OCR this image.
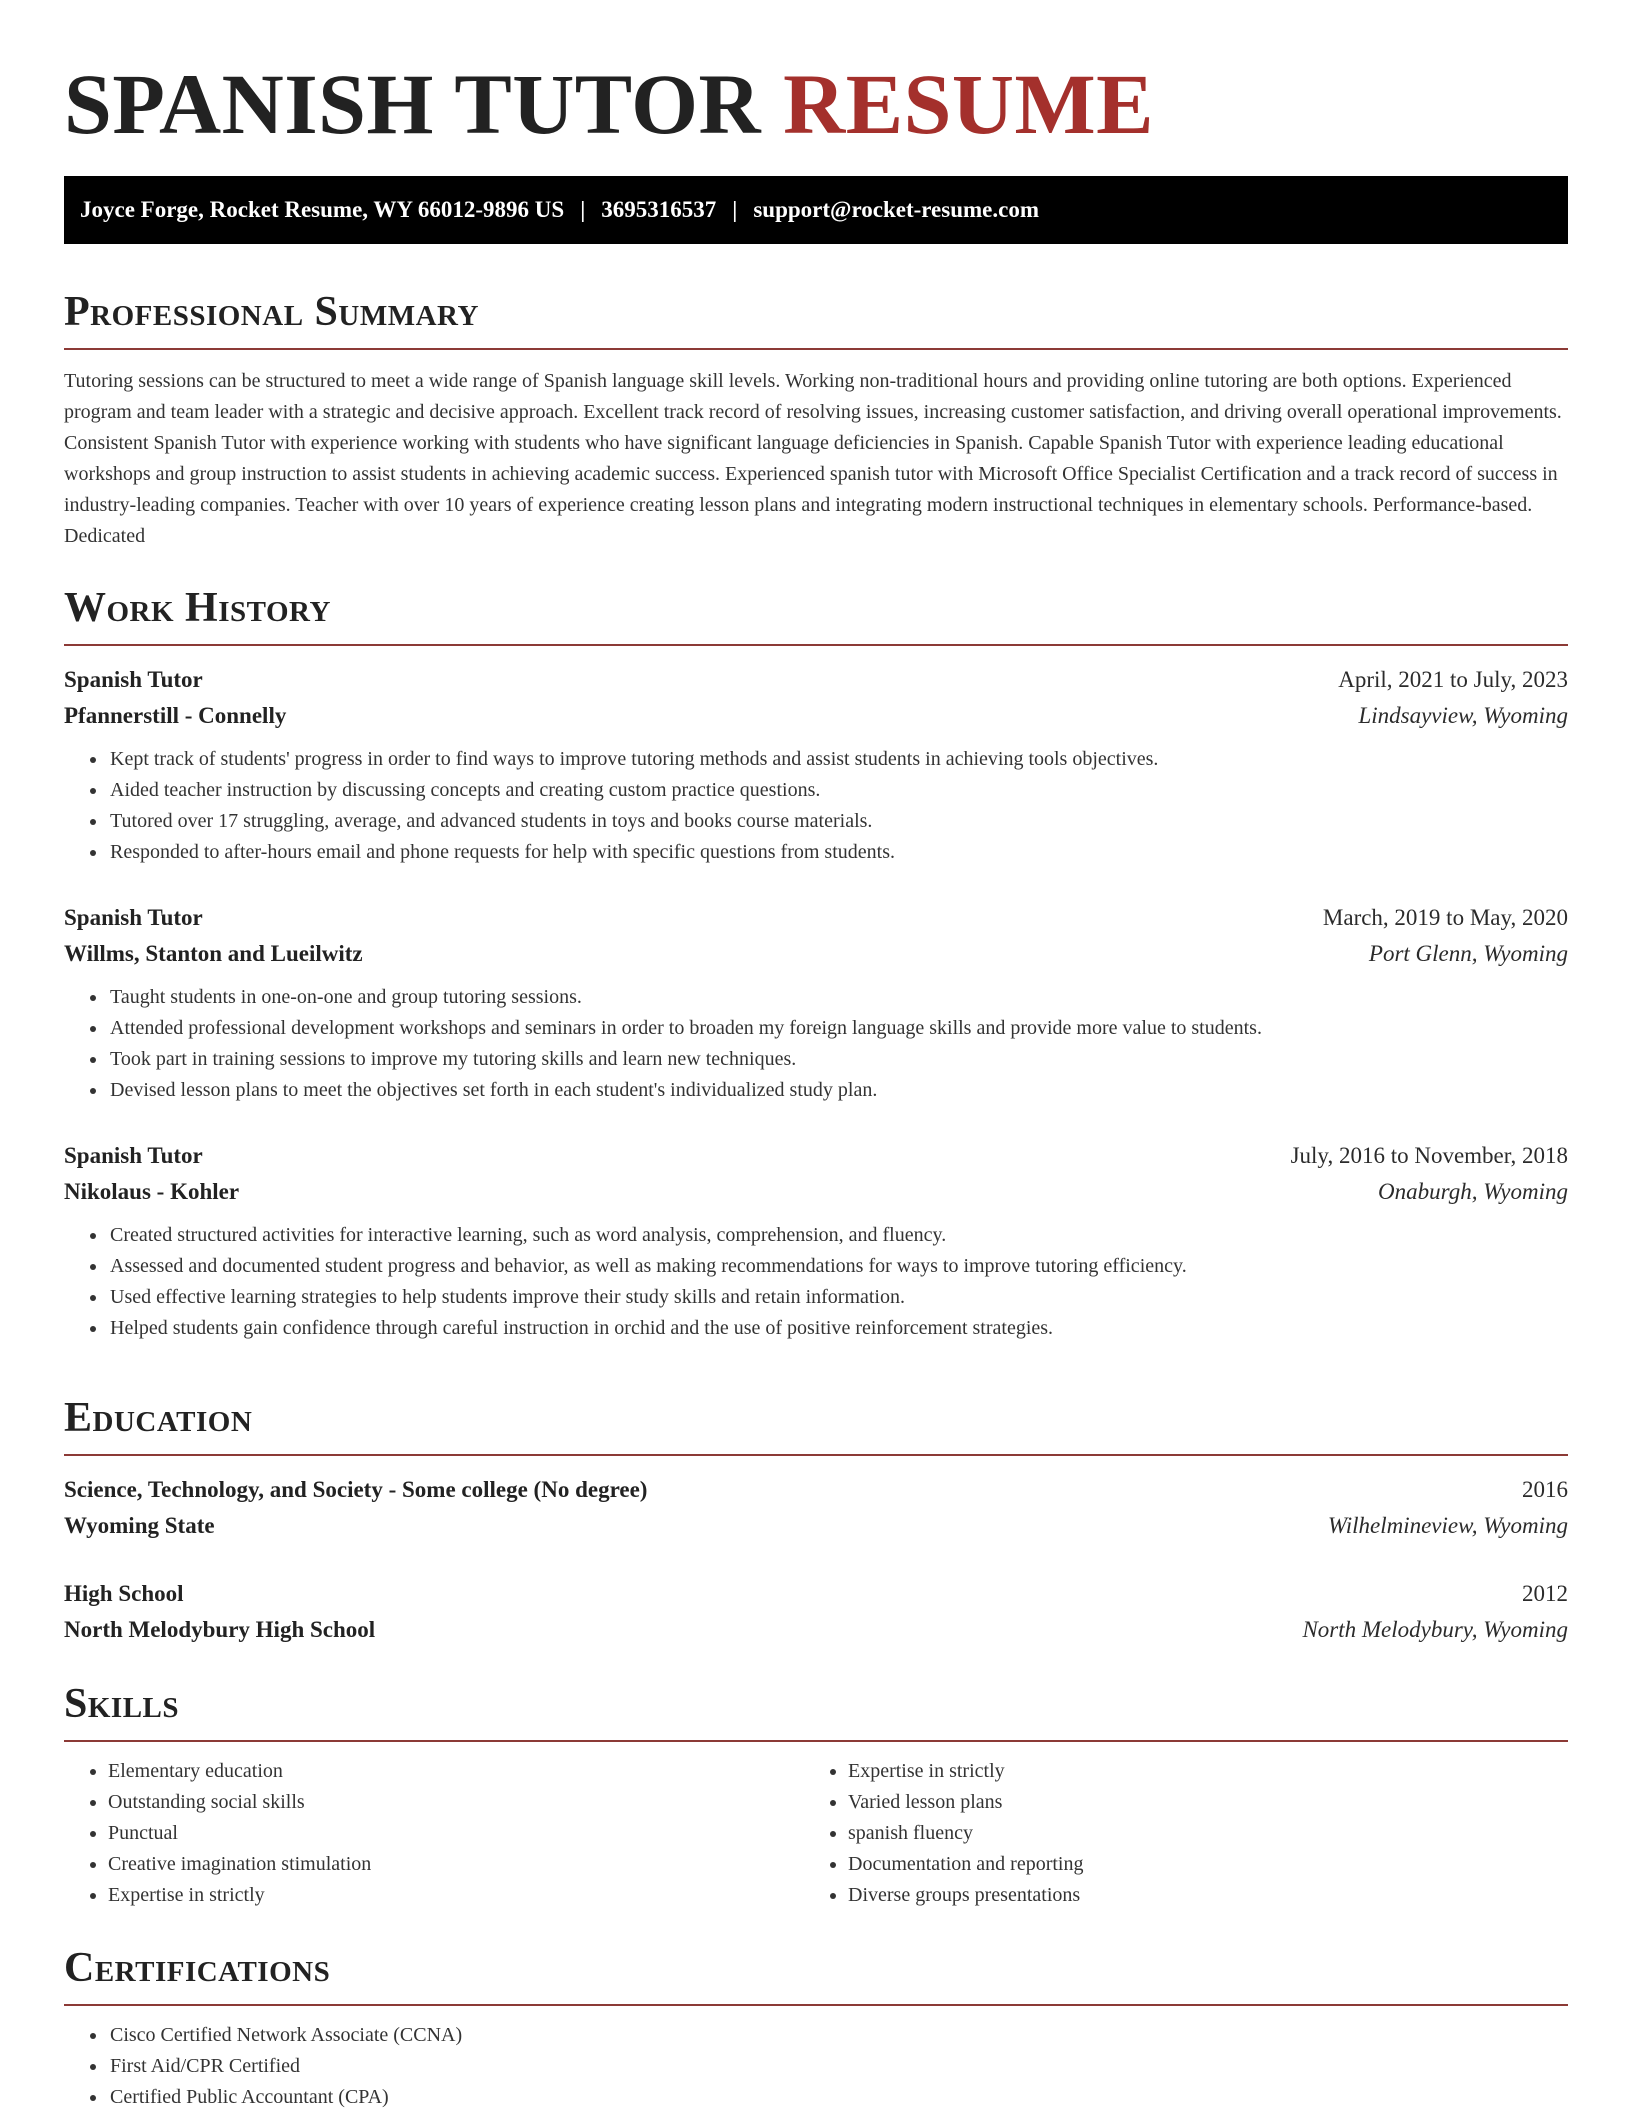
SPANISH TUTOR RESUME
Joyce Forge, Rocket Resume, WY 66012-9896 US | 3695316537 | support@rocket-resume.com
Professional Summary

Tutoring sessions can be structured to meet a wide range of Spanish language skill levels. Working non-traditional hours and providing online tutoring are both options. Experienced program and team leader with a strategic and decisive approach. Excellent track record of resolving issues, increasing customer satisfaction, and driving overall operational improvements. Consistent Spanish Tutor with experience working with students who have significant language deficiencies in Spanish. Capable Spanish Tutor with experience leading educational workshops and group instruction to assist students in achieving academic success. Experienced spanish tutor with Microsoft Office Specialist Certification and a track record of success in industry-leading companies. Teacher with over 10 years of experience creating lesson plans and integrating modern instructional techniques in elementary schools. Performance-based. Dedicated

Work History
Spanish Tutor	April, 2021 to July, 2023
Pfannerstill - Connelly	Lindsayview, Wyoming
• Kept track of students' progress in order to find ways to improve tutoring methods and assist students in achieving tools objectives.
• Aided teacher instruction by discussing concepts and creating custom practice questions.
• Tutored over 17 struggling, average, and advanced students in toys and books course materials.
• Responded to after-hours email and phone requests for help with specific questions from students.
Spanish Tutor	March, 2019 to May, 2020
Willms, Stanton and Lueilwitz	Port Glenn, Wyoming
• Taught students in one-on-one and group tutoring sessions.
• Attended professional development workshops and seminars in order to broaden my foreign language skills and provide more value to students.
• Took part in training sessions to improve my tutoring skills and learn new techniques.
• Devised lesson plans to meet the objectives set forth in each student's individualized study plan.
Spanish Tutor	July, 2016 to November, 2018
Nikolaus - Kohler	Onaburgh, Wyoming
• Created structured activities for interactive learning, such as word analysis, comprehension, and fluency.
• Assessed and documented student progress and behavior, as well as making recommendations for ways to improve tutoring efficiency.
• Used effective learning strategies to help students improve their study skills and retain information.
• Helped students gain confidence through careful instruction in orchid and the use of positive reinforcement strategies.
Education
Science, Technology, and Society - Some college (No degree)	2016
Wyoming State	Wilhelmineview, Wyoming
High School	2012
North Melodybury High School	North Melodybury, Wyoming
Skills
• Elementary education
• Outstanding social skills
• Punctual
• Creative imagination stimulation
• Expertise in strictly
• Expertise in strictly
• Varied lesson plans
• spanish fluency
• Documentation and reporting
• Diverse groups presentations
Certifications
• Cisco Certified Network Associate (CCNA)
• First Aid/CPR Certified
• Certified Public Accountant (CPA)
